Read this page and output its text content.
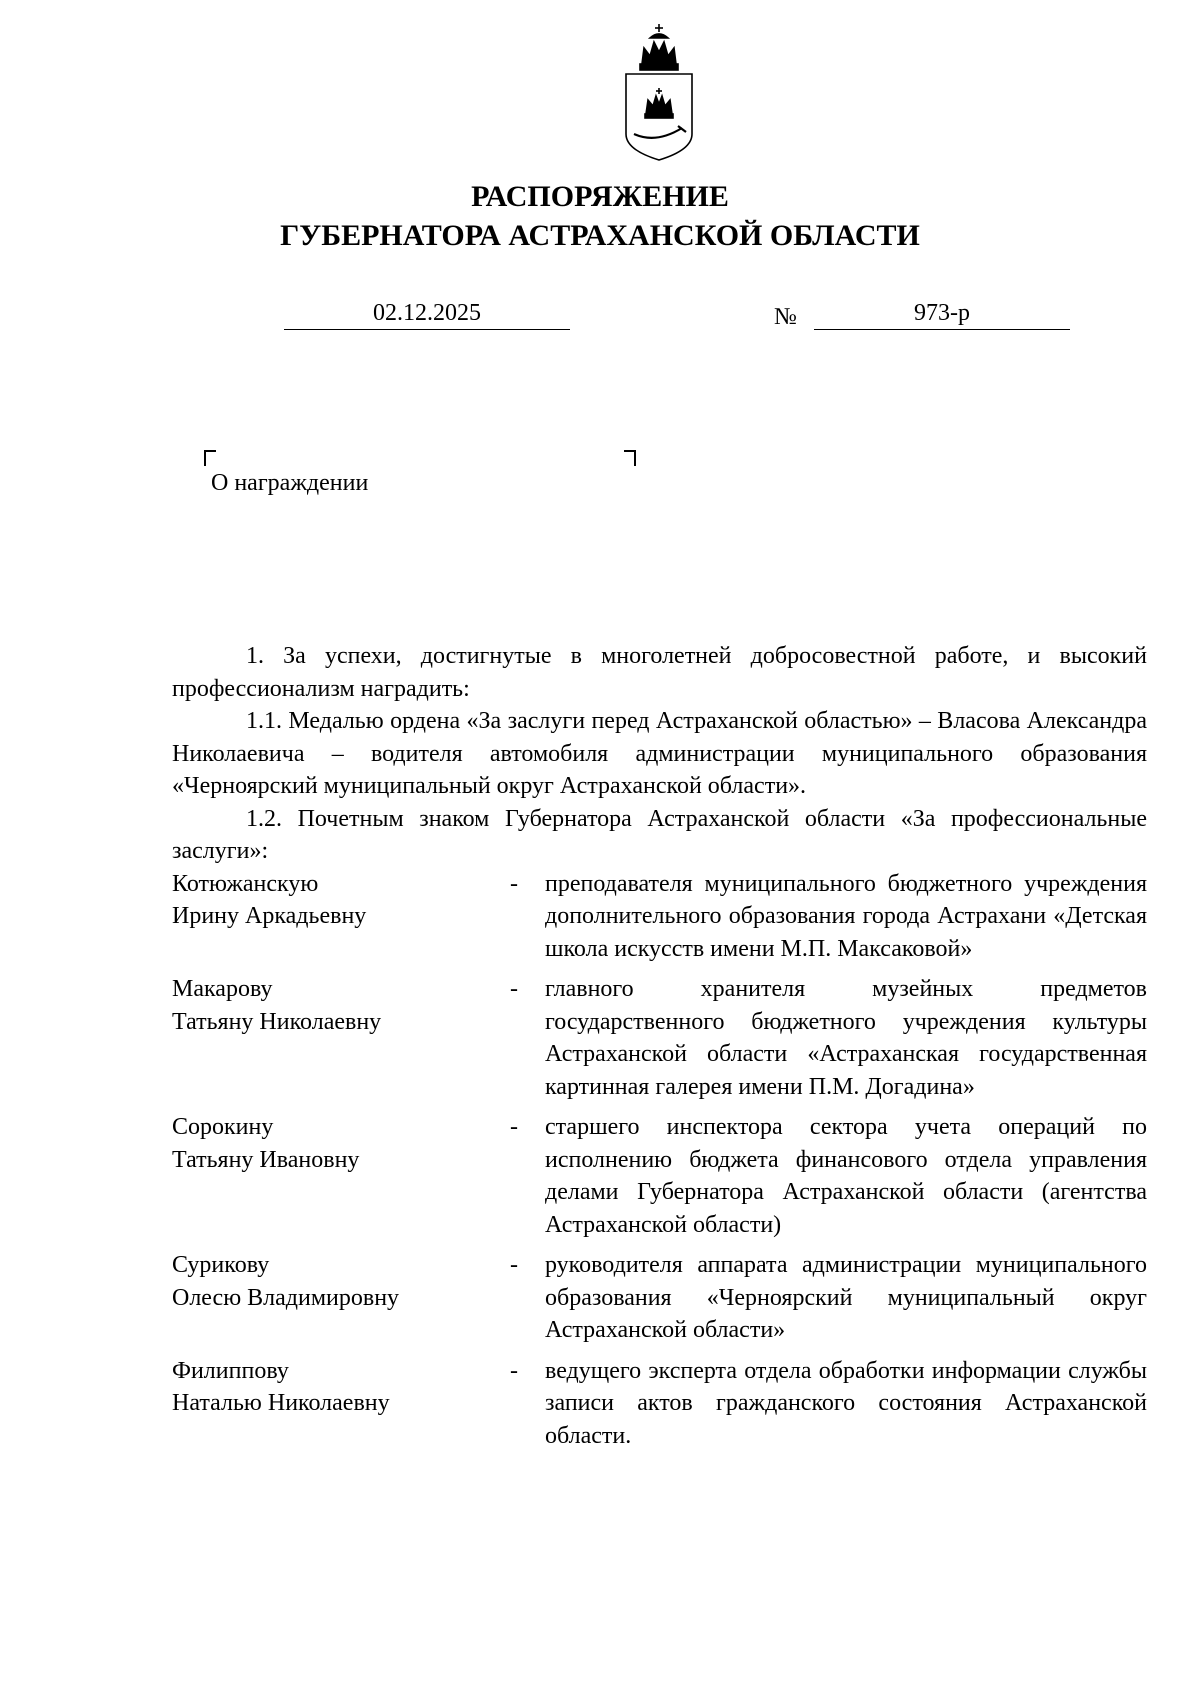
РАСПОРЯЖЕНИЕ
ГУБЕРНАТОРА АСТРАХАНСКОЙ ОБЛАСТИ
02.12.2025	№	973-р
О награждении

1. За успехи, достигнутые в многолетней добросовестной работе, и высокий профессионализм наградить:

1.1. Медалью ордена «За заслуги перед Астраханской областью» – Власова Александра Николаевича – водителя автомобиля администрации муниципального образования «Черноярский муниципальный округ Астраханской области».

1.2. Почетным знаком Губернатора Астраханской области «За профессиональные заслуги»:

Котюжанскую
Ирину Аркадьевну
-	преподавателя муниципального бюджетного учреждения дополнительного образования города Астрахани «Детская школа искусств имени М.П. Максаковой»
Макарову
Татьяну Николаевну
-	главного хранителя музейных предметов государственного бюджетного учреждения культуры Астраханской области «Астраханская государственная картинная галерея имени П.М. Догадина»
Сорокину
Татьяну Ивановну
-	старшего инспектора сектора учета операций по исполнению бюджета финансового отдела управления делами Губернатора Астраханской области (агентства Астраханской области)
Сурикову
Олесю Владимировну
-	руководителя аппарата администрации муниципального образования «Черноярский муниципальный округ Астраханской области»
Филиппову
Наталью Николаевну
-	ведущего эксперта отдела обработки информации службы записи актов гражданского состояния Астраханской области.
